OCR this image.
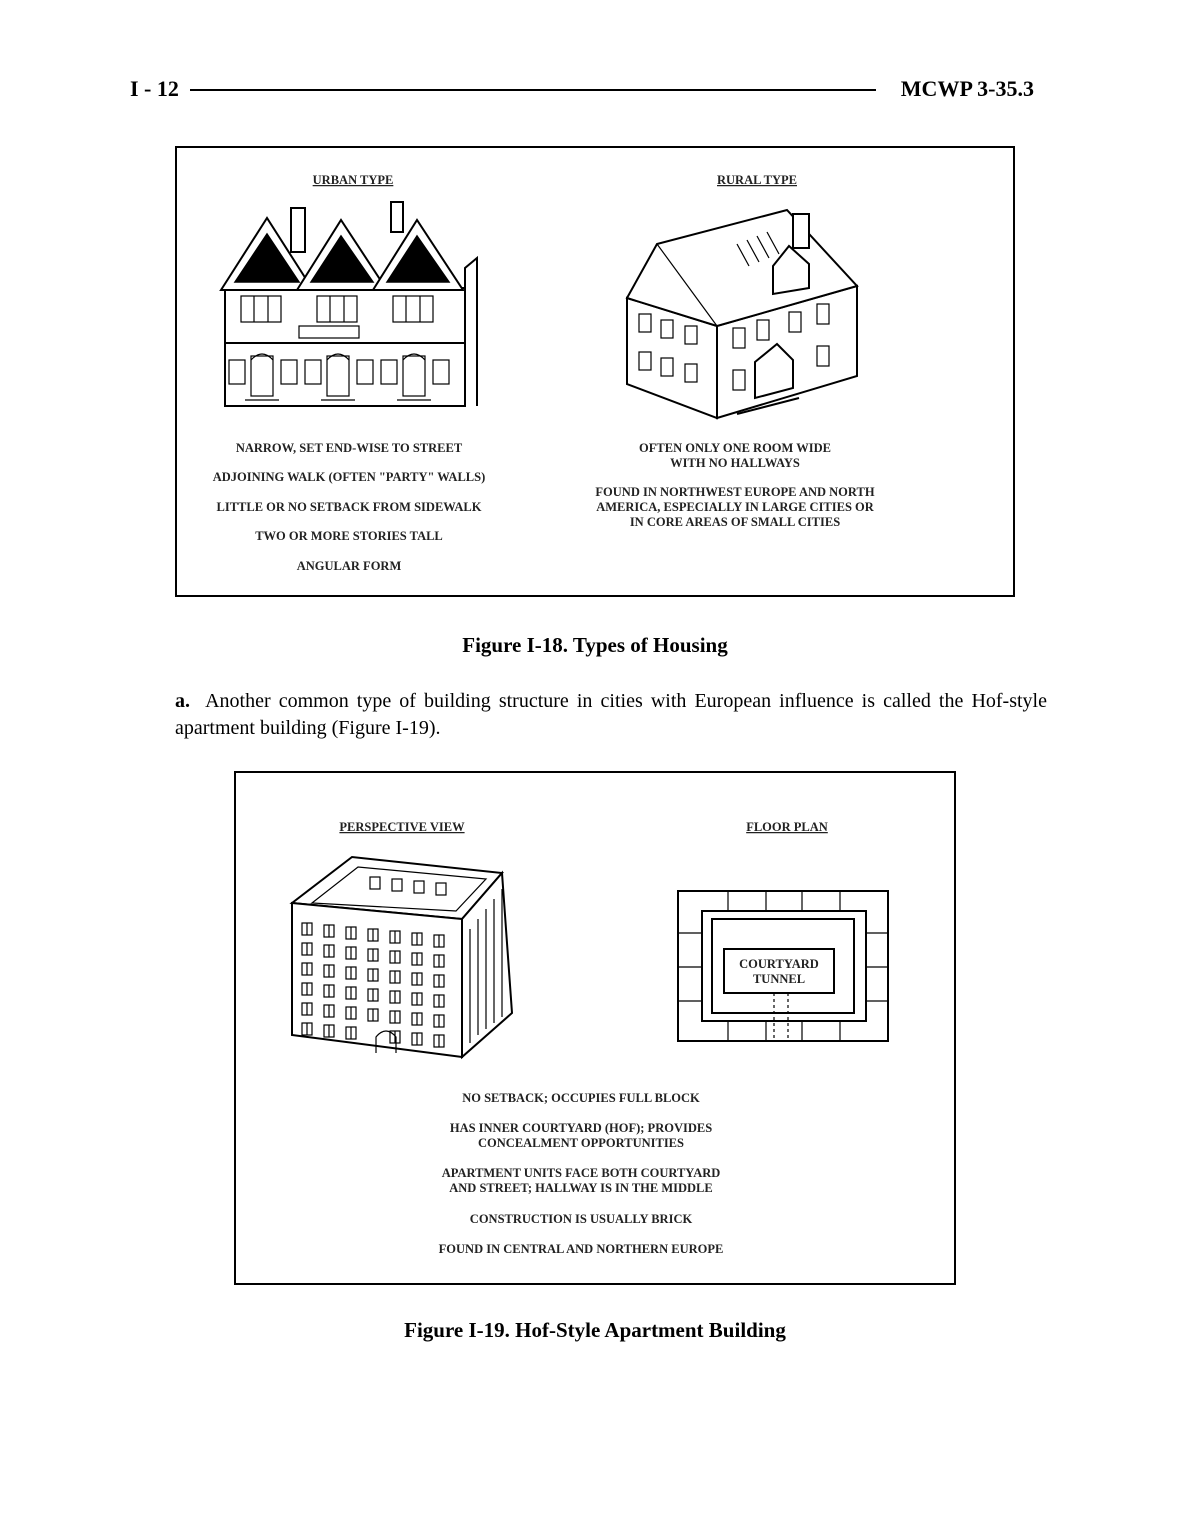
I - 12	MCWP 3-35.3
URBAN TYPE	RURAL TYPE
NARROW, SET END-WISE TO STREET
ADJOINING WALK (OFTEN "PARTY" WALLS)
LITTLE OR NO SETBACK FROM SIDEWALK
TWO OR MORE STORIES TALL
ANGULAR FORM
OFTEN ONLY ONE ROOM WIDE
WITH NO HALLWAYS
FOUND IN NORTHWEST EUROPE AND NORTH
AMERICA, ESPECIALLY IN LARGE CITIES OR
IN CORE AREAS OF SMALL CITIES
Figure I-18. Types of Housing
a. Another common type of building structure in cities with European influence is called the Hof-style apartment building (Figure I-19).
PERSPECTIVE VIEW	FLOOR PLAN
COURTYARD
TUNNEL
NO SETBACK; OCCUPIES FULL BLOCK
HAS INNER COURTYARD (HOF); PROVIDES
CONCEALMENT OPPORTUNITIES
APARTMENT UNITS FACE BOTH COURTYARD
AND STREET; HALLWAY IS IN THE MIDDLE
CONSTRUCTION IS USUALLY BRICK
FOUND IN CENTRAL AND NORTHERN EUROPE
Figure I-19. Hof-Style Apartment Building
